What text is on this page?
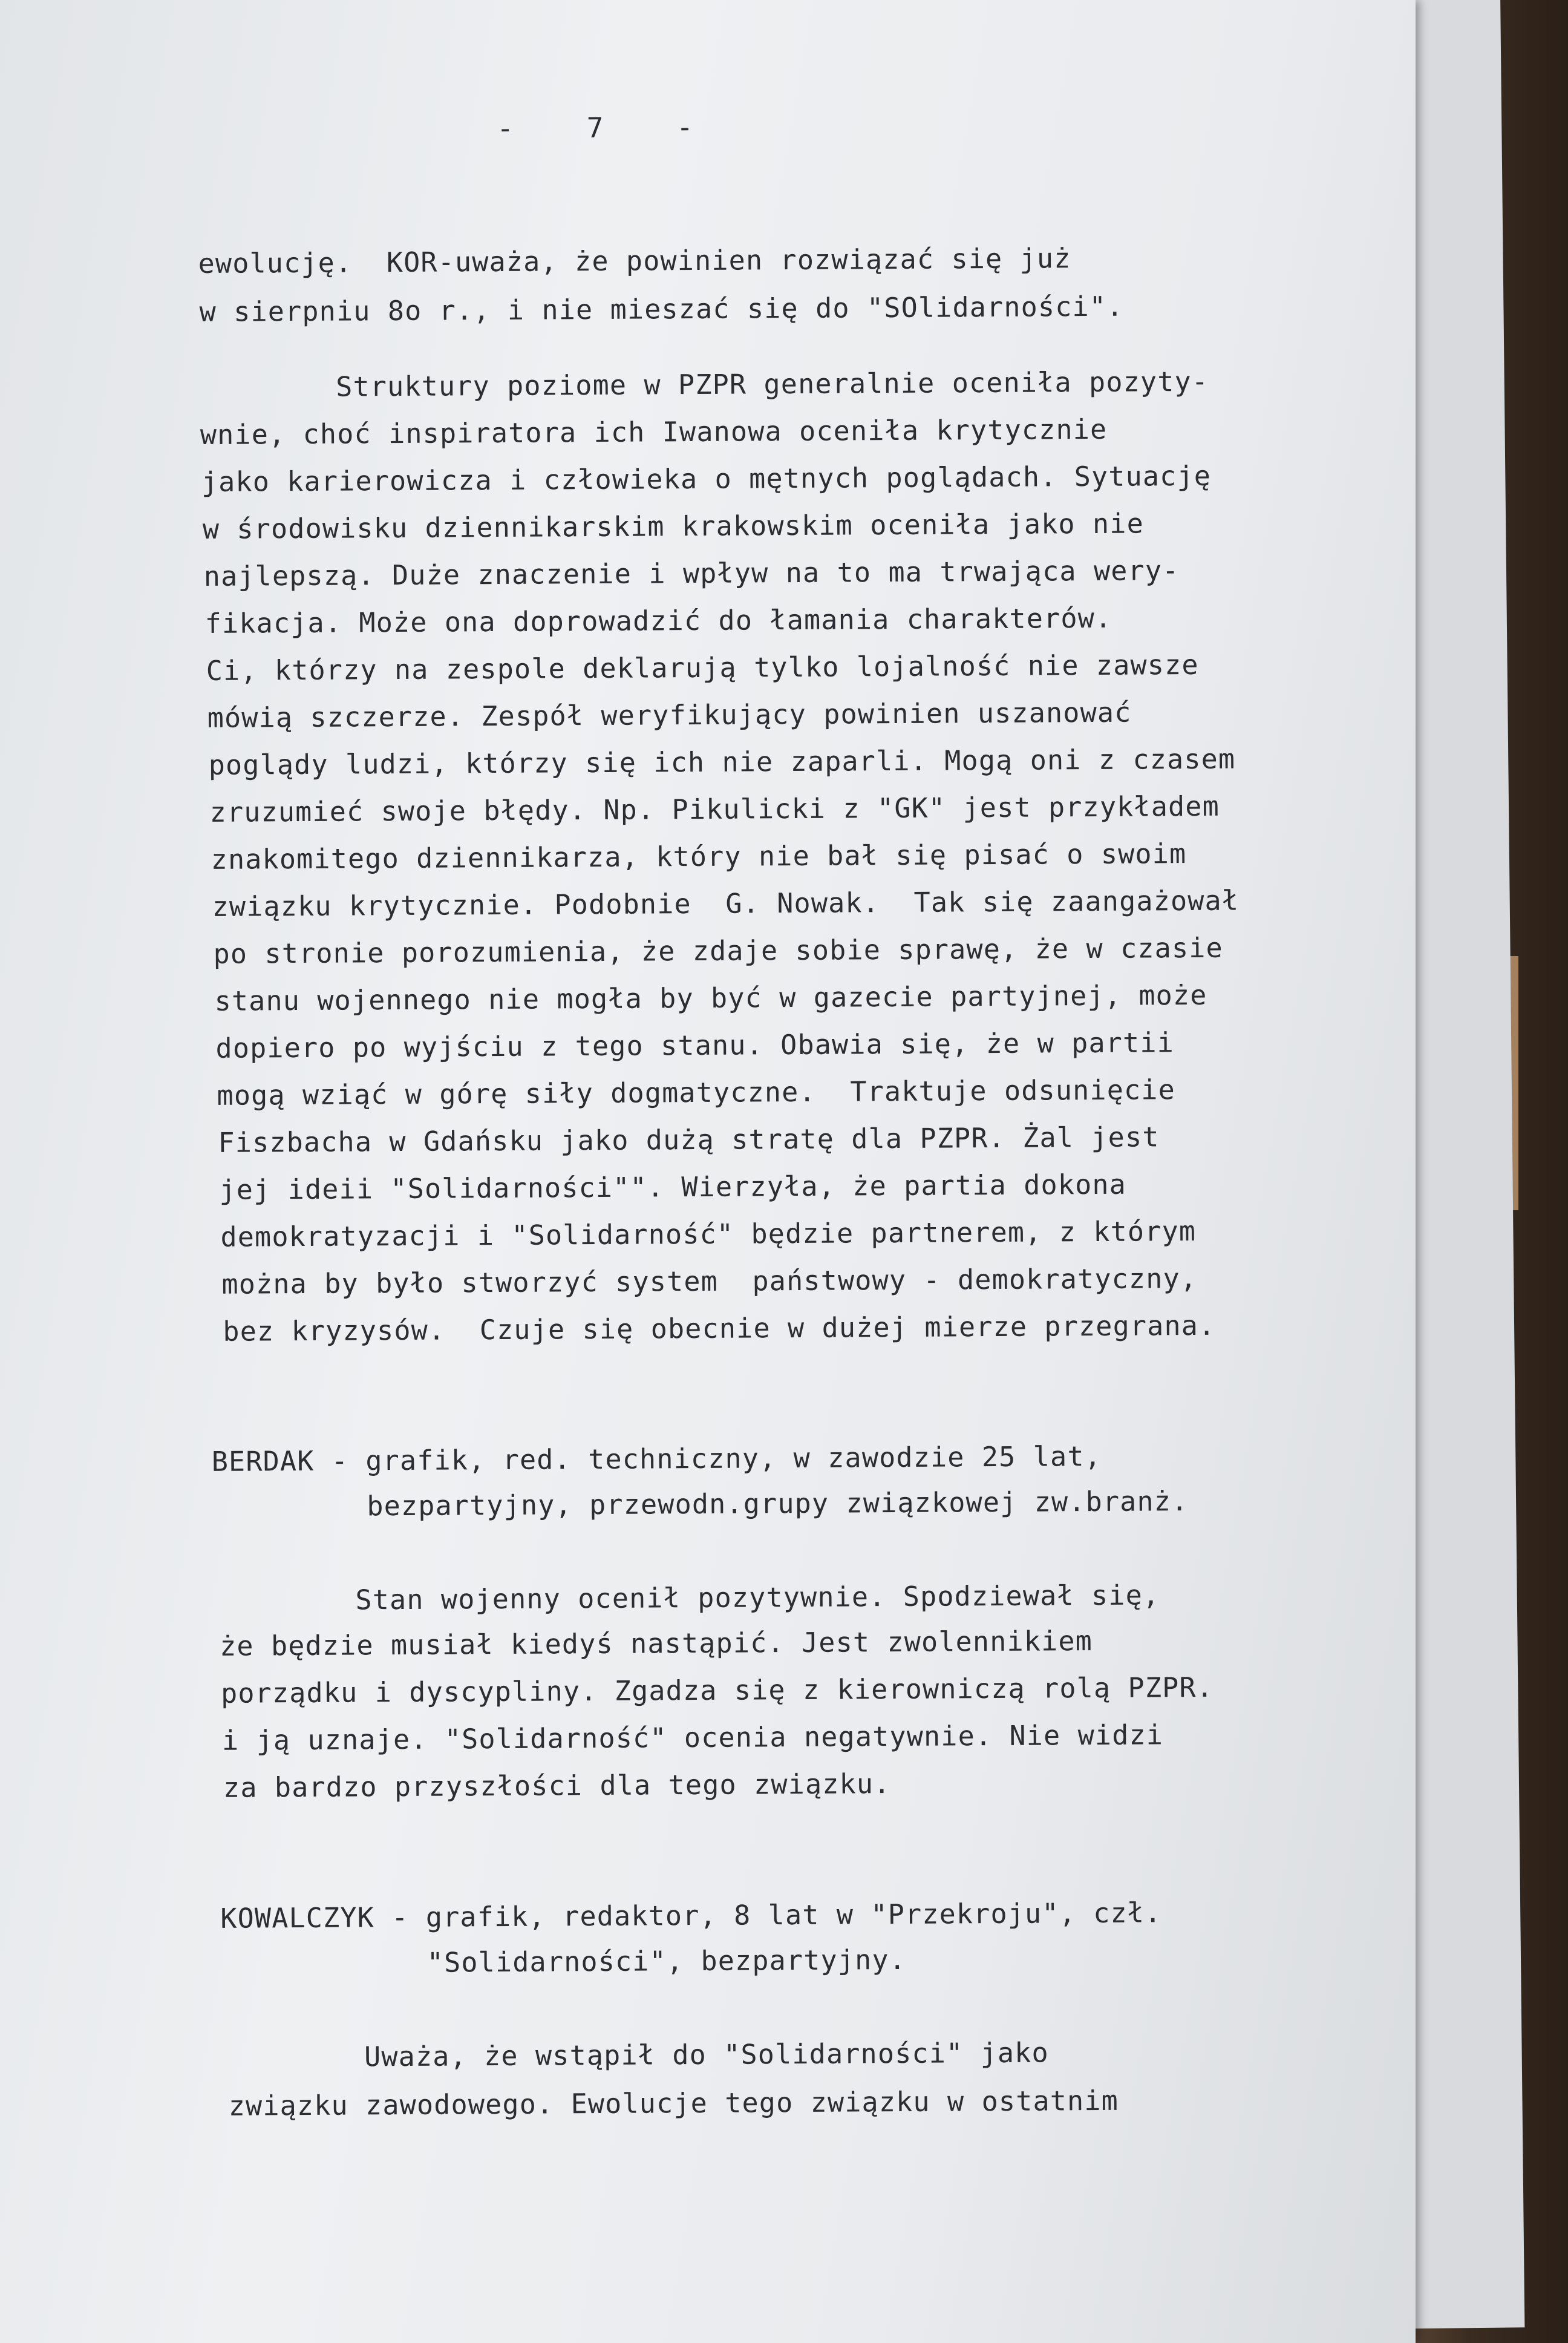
-    7    -
ewolucję.  KOR-uważa, że powinien rozwiązać się już
w sierpniu 8o r., i nie mieszać się do "SOlidarności".
Struktury poziome w PZPR generalnie oceniła pozyty-
wnie, choć inspiratora ich Iwanowa oceniła krytycznie
jako karierowicza i człowieka o mętnych poglądach. Sytuację
w środowisku dziennikarskim krakowskim oceniła jako nie
najlepszą. Duże znaczenie i wpływ na to ma trwająca wery-
fikacja. Może ona doprowadzić do łamania charakterów.
Ci, którzy na zespole deklarują tylko lojalność nie zawsze
mówią szczerze. Zespół weryfikujący powinien uszanować
poglądy ludzi, którzy się ich nie zaparli. Mogą oni z czasem
zruzumieć swoje błędy. Np. Pikulicki z "GK" jest przykładem
znakomitego dziennikarza, który nie bał się pisać o swoim
związku krytycznie. Podobnie  G. Nowak.  Tak się zaangażował
po stronie porozumienia, że zdaje sobie sprawę, że w czasie
stanu wojennego nie mogła by być w gazecie partyjnej, może
dopiero po wyjściu z tego stanu. Obawia się, że w partii
mogą wziąć w górę siły dogmatyczne.  Traktuje odsunięcie
Fiszbacha w Gdańsku jako dużą stratę dla PZPR. Żal jest
jej ideii "Solidarności"". Wierzyła, że partia dokona
demokratyzacji i "Solidarność" będzie partnerem, z którym
można by było stworzyć system  państwowy - demokratyczny,
bez kryzysów.  Czuje się obecnie w dużej mierze przegrana.
BERDAK - grafik, red. techniczny, w zawodzie 25 lat,
bezpartyjny, przewodn.grupy związkowej zw.branż.
Stan wojenny ocenił pozytywnie. Spodziewał się,
że będzie musiał kiedyś nastąpić. Jest zwolennikiem
porządku i dyscypliny. Zgadza się z kierowniczą rolą PZPR.
i ją uznaje. "Solidarność" ocenia negatywnie. Nie widzi
za bardzo przyszłości dla tego związku.
KOWALCZYK - grafik, redaktor, 8 lat w "Przekroju", czł.
"Solidarności", bezpartyjny.
Uważa, że wstąpił do "Solidarności" jako
związku zawodowego. Ewolucje tego związku w ostatnim
